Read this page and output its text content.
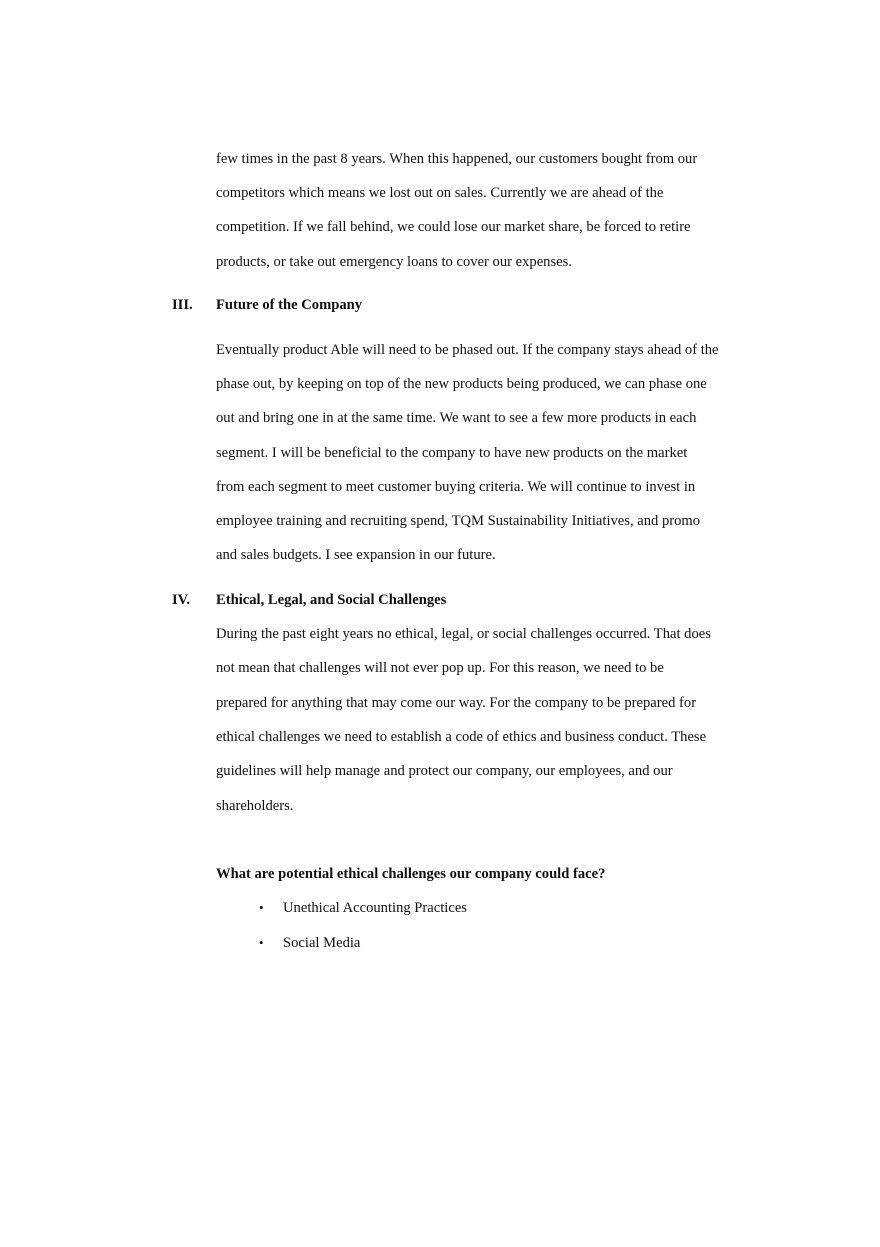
few times in the past 8 years. When this happened, our customers bought from our
competitors which means we lost out on sales. Currently we are ahead of the
competition. If we fall behind, we could lose our market share, be forced to retire
products, or take out emergency loans to cover our expenses.
III. Future of the Company
Eventually product Able will need to be phased out. If the company stays ahead of the
phase out, by keeping on top of the new products being produced, we can phase one
out and bring one in at the same time. We want to see a few more products in each
segment. I will be beneficial to the company to have new products on the market
from each segment to meet customer buying criteria. We will continue to invest in
employee training and recruiting spend, TQM Sustainability Initiatives, and promo
and sales budgets. I see expansion in our future.
IV. Ethical, Legal, and Social Challenges
During the past eight years no ethical, legal, or social challenges occurred. That does
not mean that challenges will not ever pop up. For this reason, we need to be
prepared for anything that may come our way. For the company to be prepared for
ethical challenges we need to establish a code of ethics and business conduct. These
guidelines will help manage and protect our company, our employees, and our
shareholders.
What are potential ethical challenges our company could face?
• Unethical Accounting Practices
• Social Media
